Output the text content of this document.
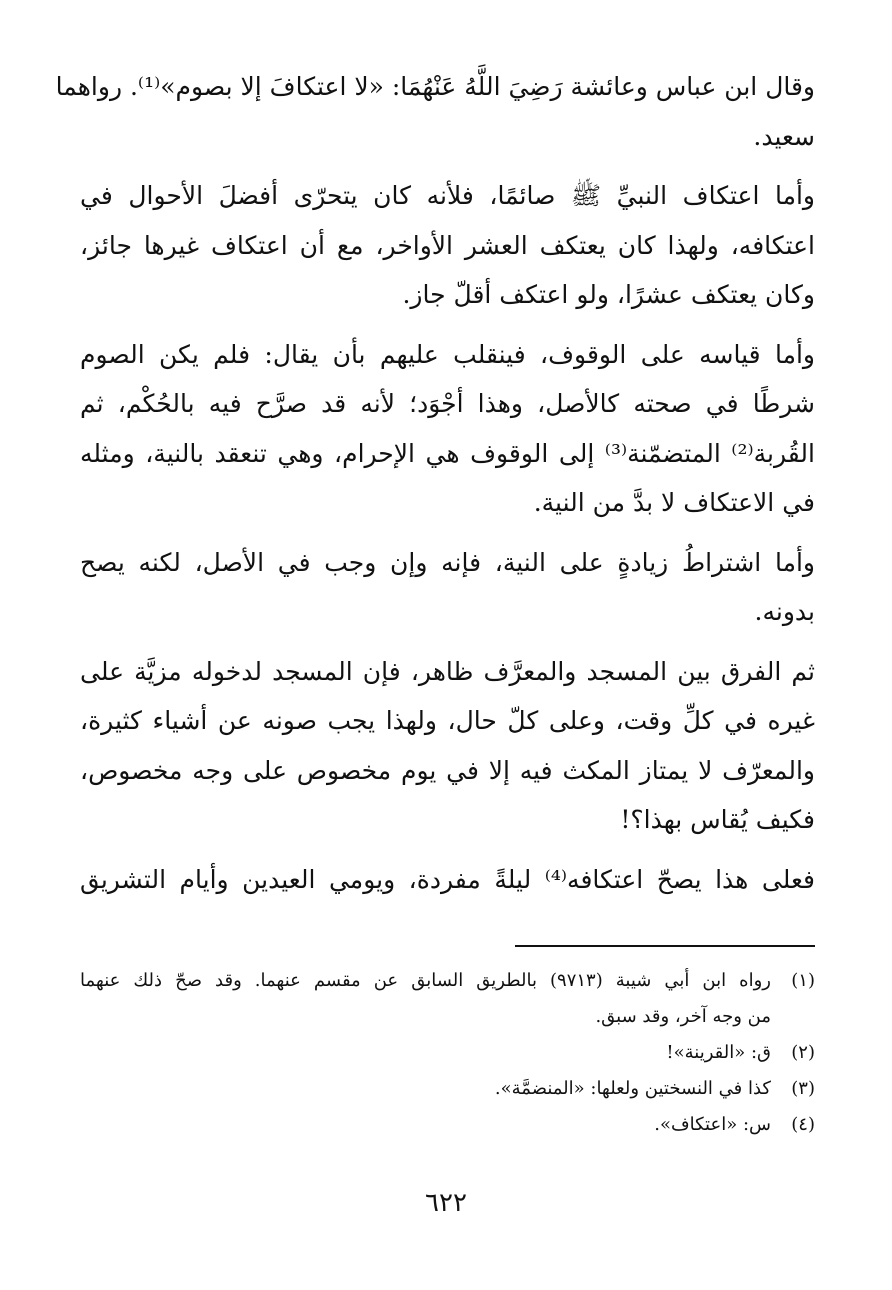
وقال ابن عباس وعائشة رَضِيَ اللَّهُ عَنْهُمَا: «لا اعتكافَ إلا بصوم»⁽¹⁾. رواهما
سعيد.
وأما اعتكاف النبيِّ ﷺ صائمًا، فلأنه كان يتحرّى أفضلَ الأحوال في
اعتكافه، ولهذا كان يعتكف العشر الأواخر، مع أن اعتكاف غيرها جائز،
وكان يعتكف عشرًا، ولو اعتكف أقلّ جاز.
وأما قياسه على الوقوف، فينقلب عليهم بأن يقال: فلم يكن الصوم
شرطًا في صحته كالأصل، وهذا أجْوَد؛ لأنه قد صرَّح فيه بالحُكْم، ثم
القُربة⁽²⁾ المتضمّنة⁽³⁾ إلى الوقوف هي الإحرام، وهي تنعقد بالنية، ومثله
في الاعتكاف لا بدَّ من النية.
وأما اشتراطُ زيادةٍ على النية، فإنه وإن وجب في الأصل، لكنه يصح
بدونه.
ثم الفرق بين المسجد والمعرَّف ظاهر، فإن المسجد لدخوله مزيَّة على
غيره في كلِّ وقت، وعلى كلّ حال، ولهذا يجب صونه عن أشياء كثيرة،
والمعرّف لا يمتاز المكث فيه إلا في يوم مخصوص على وجه مخصوص،
فكيف يُقاس بهذا؟!
فعلى هذا يصحّ اعتكافه⁽⁴⁾ ليلةً مفردة، ويومي العيدين وأيام التشريق
(١)
رواه ابن أبي شيبة (٩٧١٣) بالطريق السابق عن مقسم عنهما. وقد صحّ ذلك عنهما
من وجه آخر، وقد سبق.
(٢)
ق: «القرينة»!
(٣)
كذا في النسختين ولعلها: «المنضمَّة».
(٤)
س: «اعتكاف».
٦٢٢
